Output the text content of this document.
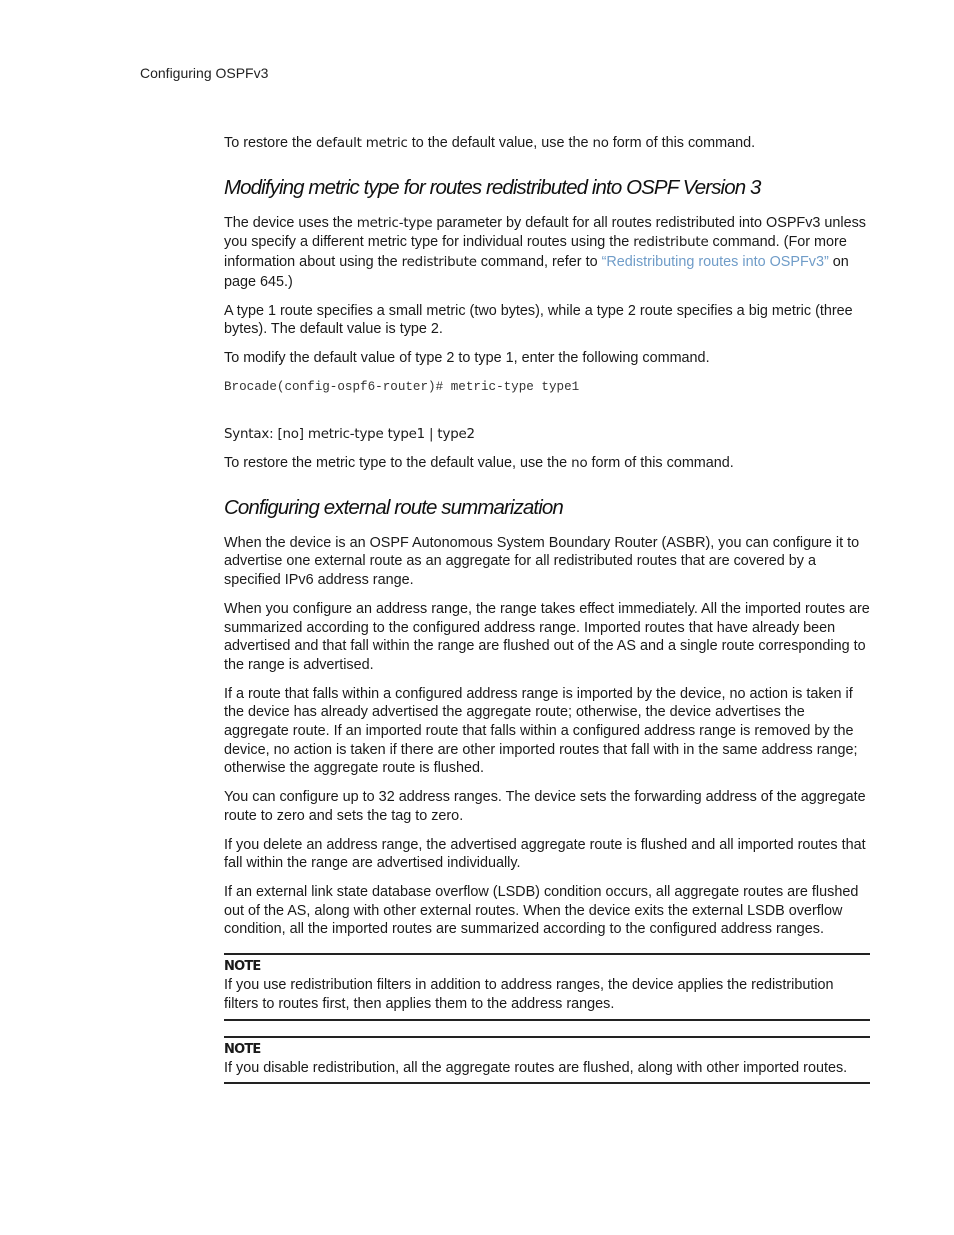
Configuring OSPFv3

To restore the default metric to the default value, use the no form of this command.

Modifying metric type for routes redistributed into OSPF Version 3

The device uses the metric-type parameter by default for all routes redistributed into OSPFv3 unless you specify a different metric type for individual routes using the redistribute command. (For more information about using the redistribute command, refer to “Redistributing routes into OSPFv3” on page 645.)

A type 1 route specifies a small metric (two bytes), while a type 2 route specifies a big metric (three bytes). The default value is type 2.

To modify the default value of type 2 to type 1, enter the following command.

Brocade(config-ospf6-router)# metric-type type1
Syntax: [no] metric-type type1 | type2

To restore the metric type to the default value, use the no form of this command.

Configuring external route summarization

When the device is an OSPF Autonomous System Boundary Router (ASBR), you can configure it to advertise one external route as an aggregate for all redistributed routes that are covered by a specified IPv6 address range.

When you configure an address range, the range takes effect immediately. All the imported routes are summarized according to the configured address range. Imported routes that have already been advertised and that fall within the range are flushed out of the AS and a single route corresponding to the range is advertised.

If a route that falls within a configured address range is imported by the device, no action is taken if the device has already advertised the aggregate route; otherwise, the device advertises the aggregate route. If an imported route that falls within a configured address range is removed by the device, no action is taken if there are other imported routes that fall with in the same address range; otherwise the aggregate route is flushed.

You can configure up to 32 address ranges. The device sets the forwarding address of the aggregate route to zero and sets the tag to zero.

If you delete an address range, the advertised aggregate route is flushed and all imported routes that fall within the range are advertised individually.

If an external link state database overflow (LSDB) condition occurs, all aggregate routes are flushed out of the AS, along with other external routes. When the device exits the external LSDB overflow condition, all the imported routes are summarized according to the configured address ranges.

NOTE

If you use redistribution filters in addition to address ranges, the device applies the redistribution filters to routes first, then applies them to the address ranges.

NOTE

If you disable redistribution, all the aggregate routes are flushed, along with other imported routes.
